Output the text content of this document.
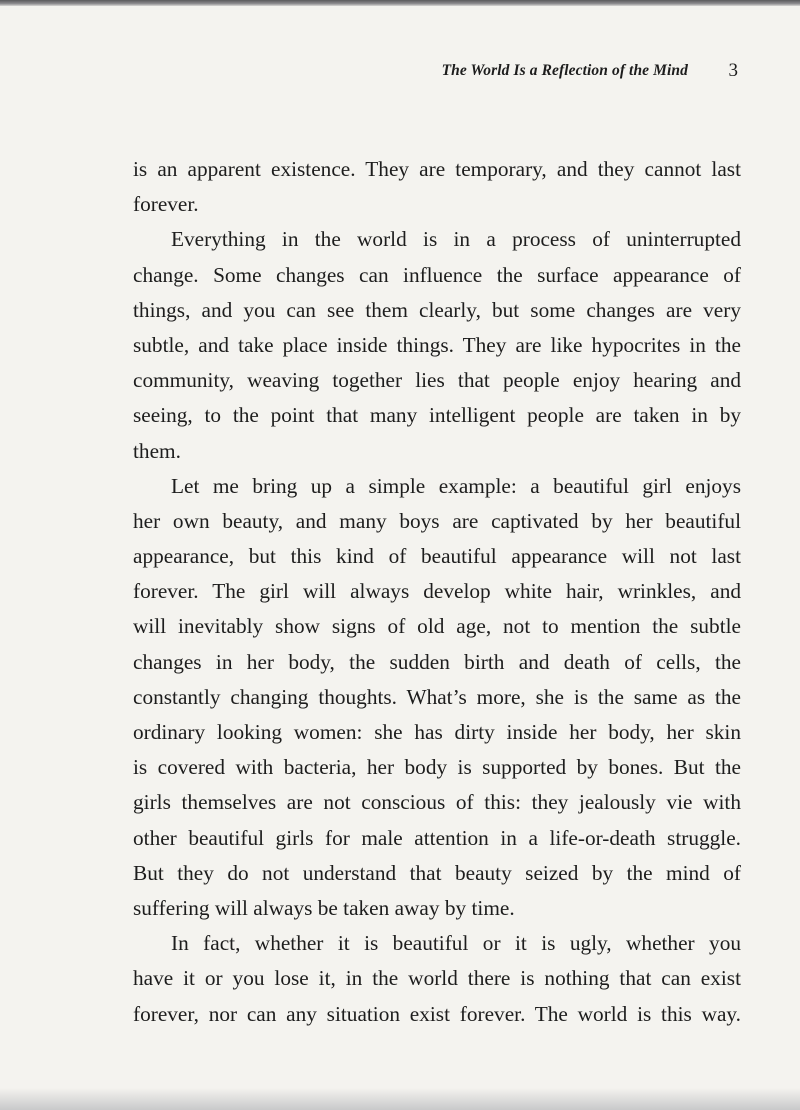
The World Is a Reflection of the Mind 3

is an apparent existence. They are temporary, and they cannot last
forever.

Everything in the world is in a process of uninterrupted
change. Some changes can influence the surface appearance of
things, and you can see them clearly, but some changes are very
subtle, and take place inside things. They are like hypocrites in the
community, weaving together lies that people enjoy hearing and
seeing, to the point that many intelligent people are taken in by
them.

Let me bring up a simple example: a beautiful girl enjoys
her own beauty, and many boys are captivated by her beautiful
appearance, but this kind of beautiful appearance will not last
forever. The girl will always develop white hair, wrinkles, and
will inevitably show signs of old age, not to mention the subtle
changes in her body, the sudden birth and death of cells, the
constantly changing thoughts. What’s more, she is the same as the
ordinary looking women: she has dirty inside her body, her skin
is covered with bacteria, her body is supported by bones. But the
girls themselves are not conscious of this: they jealously vie with
other beautiful girls for male attention in a life-or-death struggle.
But they do not understand that beauty seized by the mind of
suffering will always be taken away by time.

In fact, whether it is beautiful or it is ugly, whether you
have it or you lose it, in the world there is nothing that can exist
forever, nor can any situation exist forever. The world is this way.
